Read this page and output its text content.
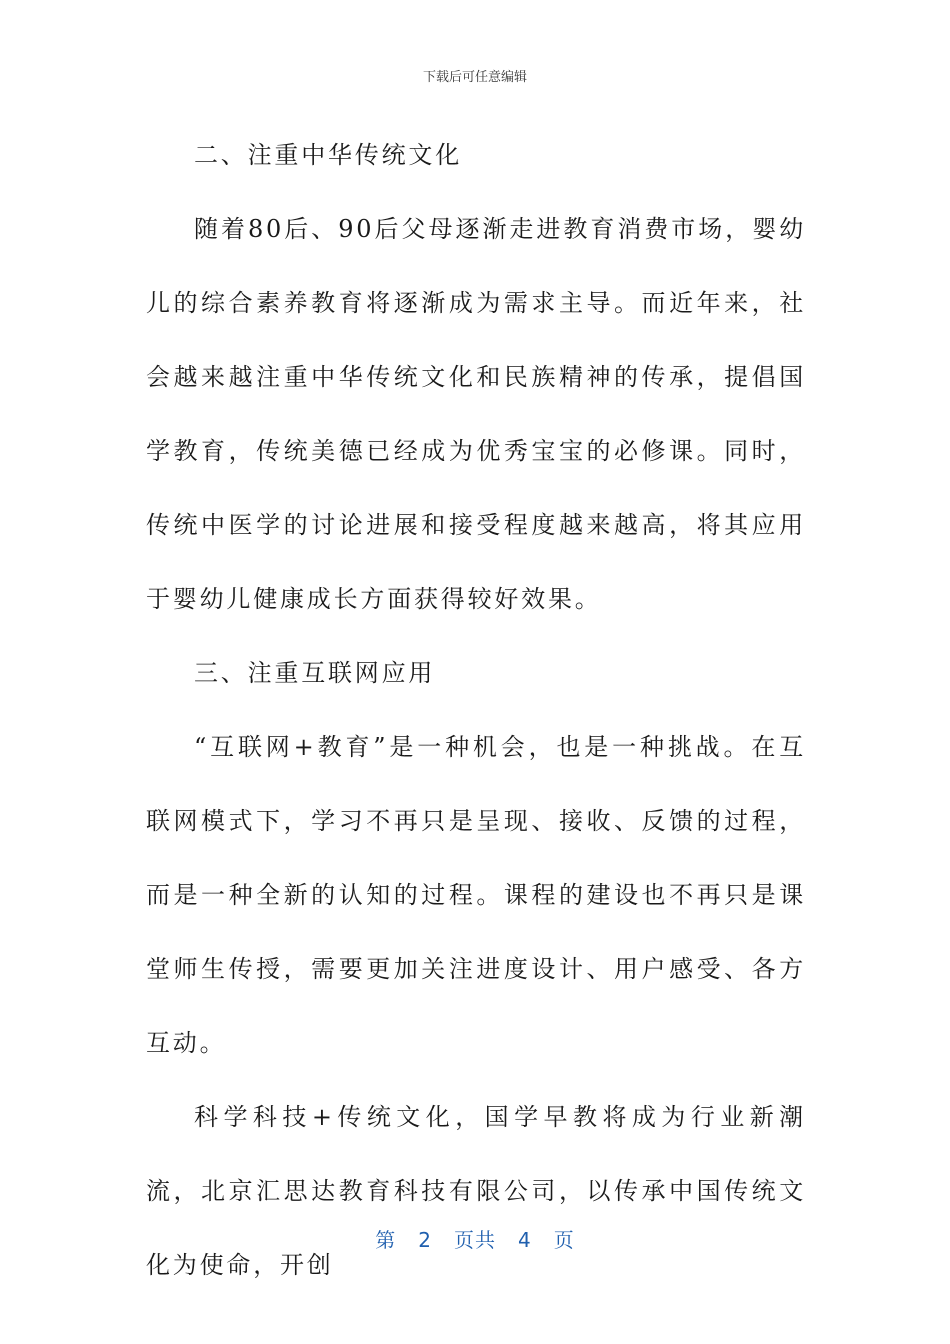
下载后可任意编辑

二、注重中华传统文化

随着80后、90后父母逐渐走进教育消费市场，婴幼儿的综合素养教育将逐渐成为需求主导。而近年来，社会越来越注重中华传统文化和民族精神的传承，提倡国学教育，传统美德已经成为优秀宝宝的必修课。同时，传统中医学的讨论进展和接受程度越来越高，将其应用于婴幼儿健康成长方面获得较好效果。

三、注重互联网应用

“互联网+教育”是一种机会，也是一种挑战。在互联网模式下，学习不再只是呈现、接收、反馈的过程，而是一种全新的认知的过程。课程的建设也不再只是课堂师生传授，需要更加关注进度设计、用户感受、各方互动。

科学科技+传统文化，国学早教将成为行业新潮流，北京汇思达教育科技有限公司，以传承中国传统文化为使命，开创

第 2 页共 4 页
